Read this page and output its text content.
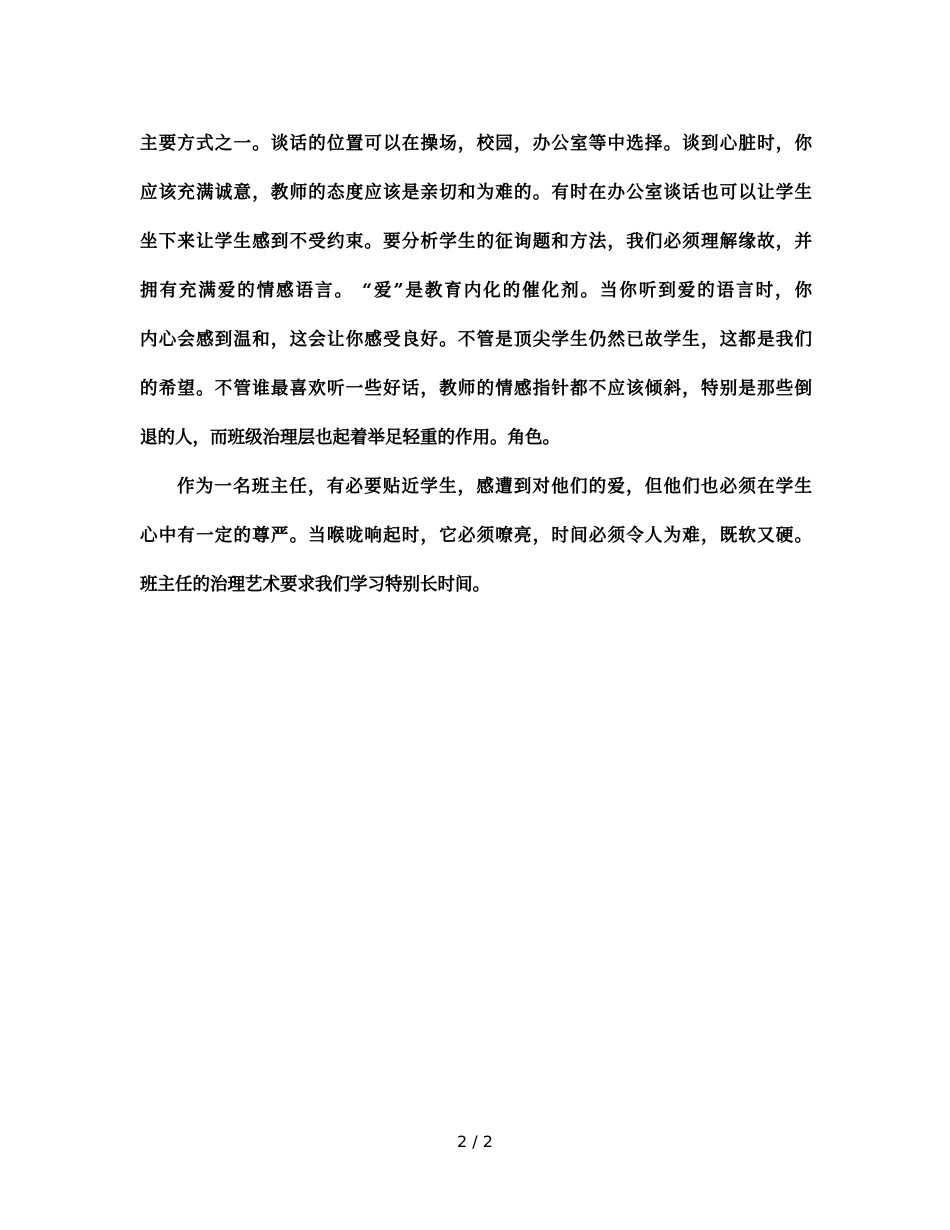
主要方式之一。谈话的位置可以在操场，校园，办公室等中选择。谈到心脏时，你
应该充满诚意，教师的态度应该是亲切和为难的。有时在办公室谈话也可以让学生
坐下来让学生感到不受约束。要分析学生的征询题和方法，我们必须理解缘故，并
拥有充满爱的情感语言。 “爱”是教育内化的催化剂。当你听到爱的语言时，你
内心会感到温和，这会让你感受良好。不管是顶尖学生仍然已故学生，这都是我们
的希望。不管谁最喜欢听一些好话，教师的情感指针都不应该倾斜，特别是那些倒
退的人，而班级治理层也起着举足轻重的作用。角色。
作为一名班主任，有必要贴近学生，感遭到对他们的爱，但他们也必须在学生
心中有一定的尊严。当喉咙响起时，它必须嘹亮，时间必须令人为难，既软又硬。
班主任的治理艺术要求我们学习特别长时间。
2 / 2
